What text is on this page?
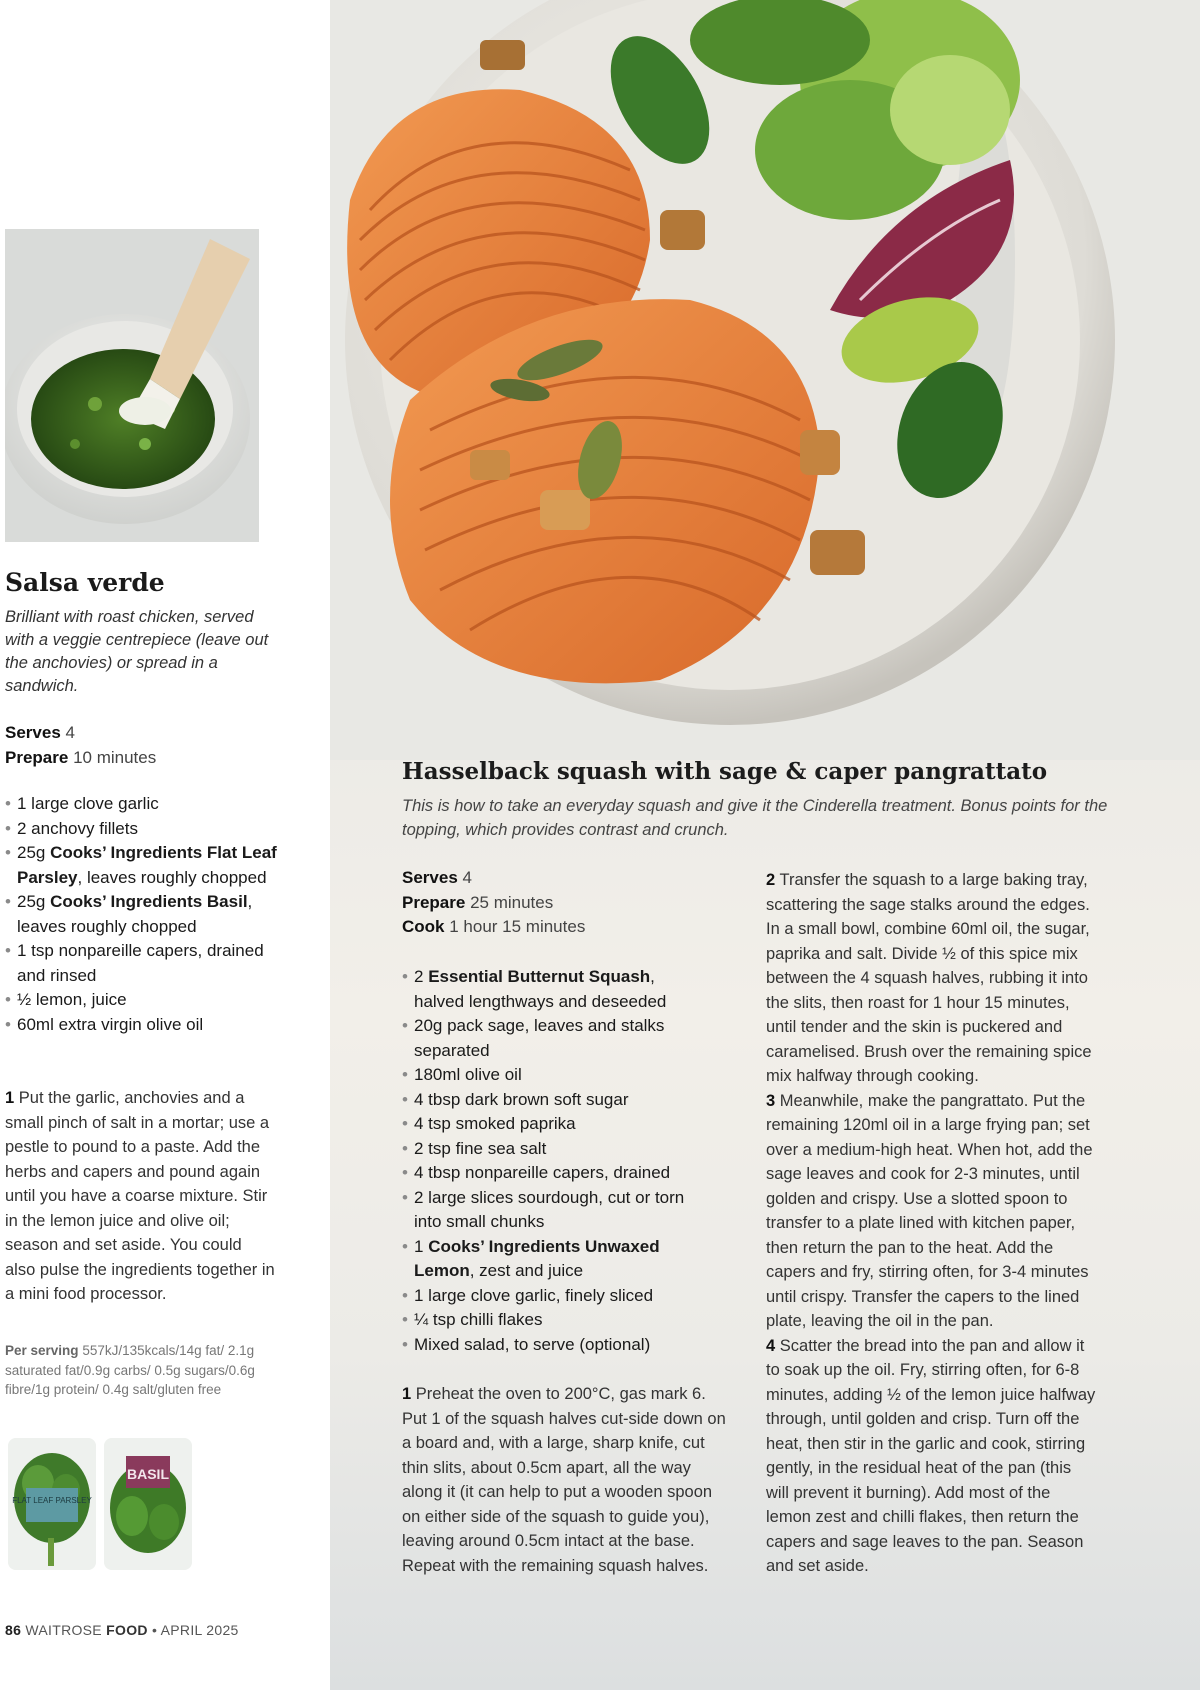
Salsa verde
Brilliant with roast chicken, served with a veggie centrepiece (leave out the anchovies) or spread in a sandwich.
Serves 4
Prepare 10 minutes
• 1 large clove garlic
• 2 anchovy fillets
• 25g Cooks’ Ingredients Flat Leaf Parsley, leaves roughly chopped
• 25g Cooks’ Ingredients Basil, leaves roughly chopped
• 1 tsp nonpareille capers, drained and rinsed
• ½ lemon, juice
• 60ml extra virgin olive oil
1 Put the garlic, anchovies and a small pinch of salt in a mortar; use a pestle to pound to a paste. Add the herbs and capers and pound again until you have a coarse mixture. Stir in the lemon juice and olive oil; season and set aside. You could also pulse the ingredients together in a mini food processor.
Per serving 557kJ/135kcals/14g fat/ 2.1g saturated fat/0.9g carbs/ 0.5g sugars/0.6g fibre/1g protein/ 0.4g salt/gluten free
FLAT LEAF PARSLEY
BASIL
86 WAITROSE FOOD • APRIL 2025
Hasselback squash with sage & caper pangrattato
This is how to take an everyday squash and give it the Cinderella treatment. Bonus points for the topping, which provides contrast and crunch.
Serves 4
Prepare 25 minutes
Cook 1 hour 15 minutes
• 2 Essential Butternut Squash, halved lengthways and deseeded
• 20g pack sage, leaves and stalks separated
• 180ml olive oil
• 4 tbsp dark brown soft sugar
• 4 tsp smoked paprika
• 2 tsp fine sea salt
• 4 tbsp nonpareille capers, drained
• 2 large slices sourdough, cut or torn into small chunks
• 1 Cooks’ Ingredients Unwaxed Lemon, zest and juice
• 1 large clove garlic, finely sliced
• ¼ tsp chilli flakes
• Mixed salad, to serve (optional)
1 Preheat the oven to 200°C, gas mark 6. Put 1 of the squash halves cut-side down on a board and, with a large, sharp knife, cut thin slits, about 0.5cm apart, all the way along it (it can help to put a wooden spoon on either side of the squash to guide you), leaving around 0.5cm intact at the base. Repeat with the remaining squash halves.

2 Transfer the squash to a large baking tray, scattering the sage stalks around the edges. In a small bowl, combine 60ml oil, the sugar, paprika and salt. Divide ½ of this spice mix between the 4 squash halves, rubbing it into the slits, then roast for 1 hour 15 minutes, until tender and the skin is puckered and caramelised. Brush over the remaining spice mix halfway through cooking.

3 Meanwhile, make the pangrattato. Put the remaining 120ml oil in a large frying pan; set over a medium-high heat. When hot, add the sage leaves and cook for 2-3 minutes, until golden and crispy. Use a slotted spoon to transfer to a plate lined with kitchen paper, then return the pan to the heat. Add the capers and fry, stirring often, for 3-4 minutes until crispy. Transfer the capers to the lined plate, leaving the oil in the pan.

4 Scatter the bread into the pan and allow it to soak up the oil. Fry, stirring often, for 6-8 minutes, adding ½ of the lemon juice halfway through, until golden and crisp. Turn off the heat, then stir in the garlic and cook, stirring gently, in the residual heat of the pan (this will prevent it burning). Add most of the lemon zest and chilli flakes, then return the capers and sage leaves to the pan. Season and set aside.
